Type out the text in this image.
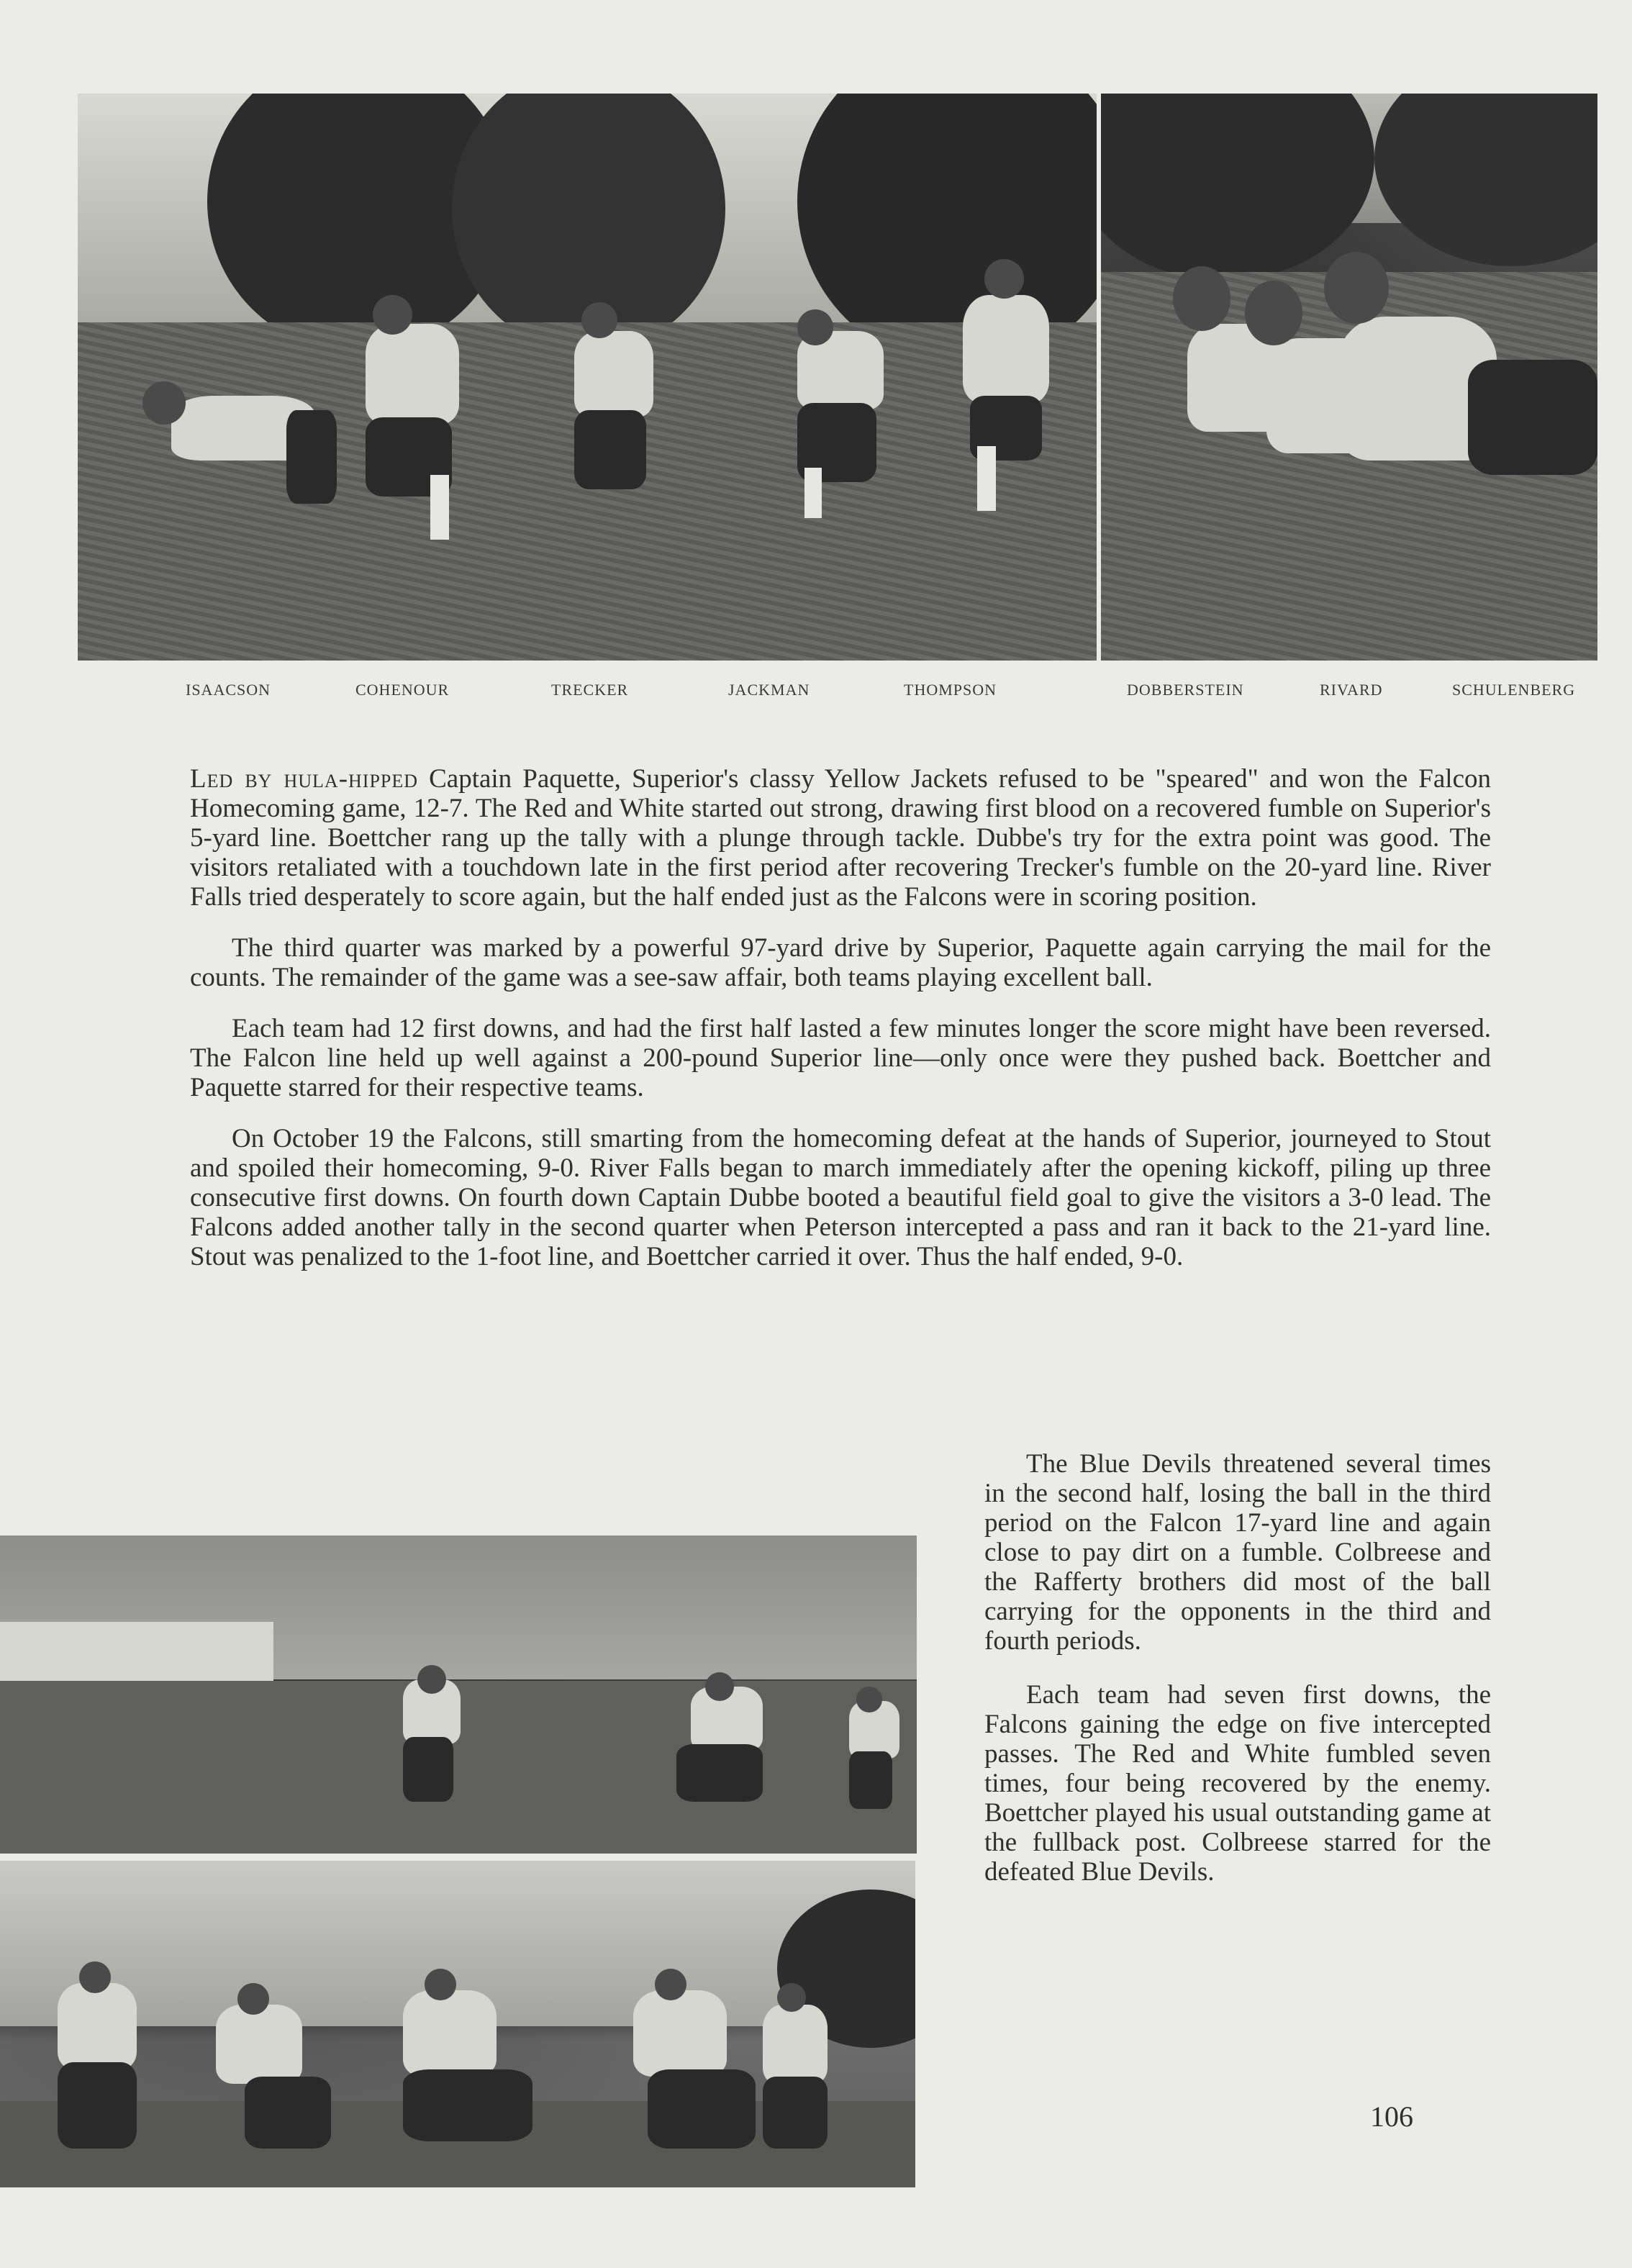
ISAACSON	COHENOUR	TRECKER	JACKMAN	THOMPSON	DOBBERSTEIN	RIVARD	SCHULENBERG

Led by hula-hipped Captain Paquette, Superior's classy Yellow Jackets refused to be "speared" and won the Falcon Homecoming game, 12-7. The Red and White started out strong, drawing first blood on a recovered fumble on Superior's 5-yard line. Boettcher rang up the tally with a plunge through tackle. Dubbe's try for the extra point was good. The visitors retaliated with a touchdown late in the first period after recovering Trecker's fumble on the 20-yard line. River Falls tried desperately to score again, but the half ended just as the Falcons were in scoring position.

The third quarter was marked by a powerful 97-yard drive by Superior, Paquette again carrying the mail for the counts. The remainder of the game was a see-saw affair, both teams playing excellent ball.

Each team had 12 first downs, and had the first half lasted a few minutes longer the score might have been reversed. The Falcon line held up well against a 200-pound Superior line—only once were they pushed back. Boettcher and Paquette starred for their respective teams.

On October 19 the Falcons, still smarting from the homecoming defeat at the hands of Superior, journeyed to Stout and spoiled their homecoming, 9-0. River Falls began to march immediately after the opening kickoff, piling up three consecutive first downs. On fourth down Captain Dubbe booted a beautiful field goal to give the visitors a 3-0 lead. The Falcons added another tally in the second quarter when Peterson intercepted a pass and ran it back to the 21-yard line. Stout was penalized to the 1-foot line, and Boettcher carried it over. Thus the half ended, 9-0.

The Blue Devils threatened several times in the second half, losing the ball in the third period on the Falcon 17-yard line and again close to pay dirt on a fumble. Colbreese and the Rafferty brothers did most of the ball carrying for the opponents in the third and fourth periods.

Each team had seven first downs, the Falcons gaining the edge on five intercepted passes. The Red and White fumbled seven times, four being recovered by the enemy. Boettcher played his usual outstanding game at the fullback post. Colbreese starred for the defeated Blue Devils.

106
